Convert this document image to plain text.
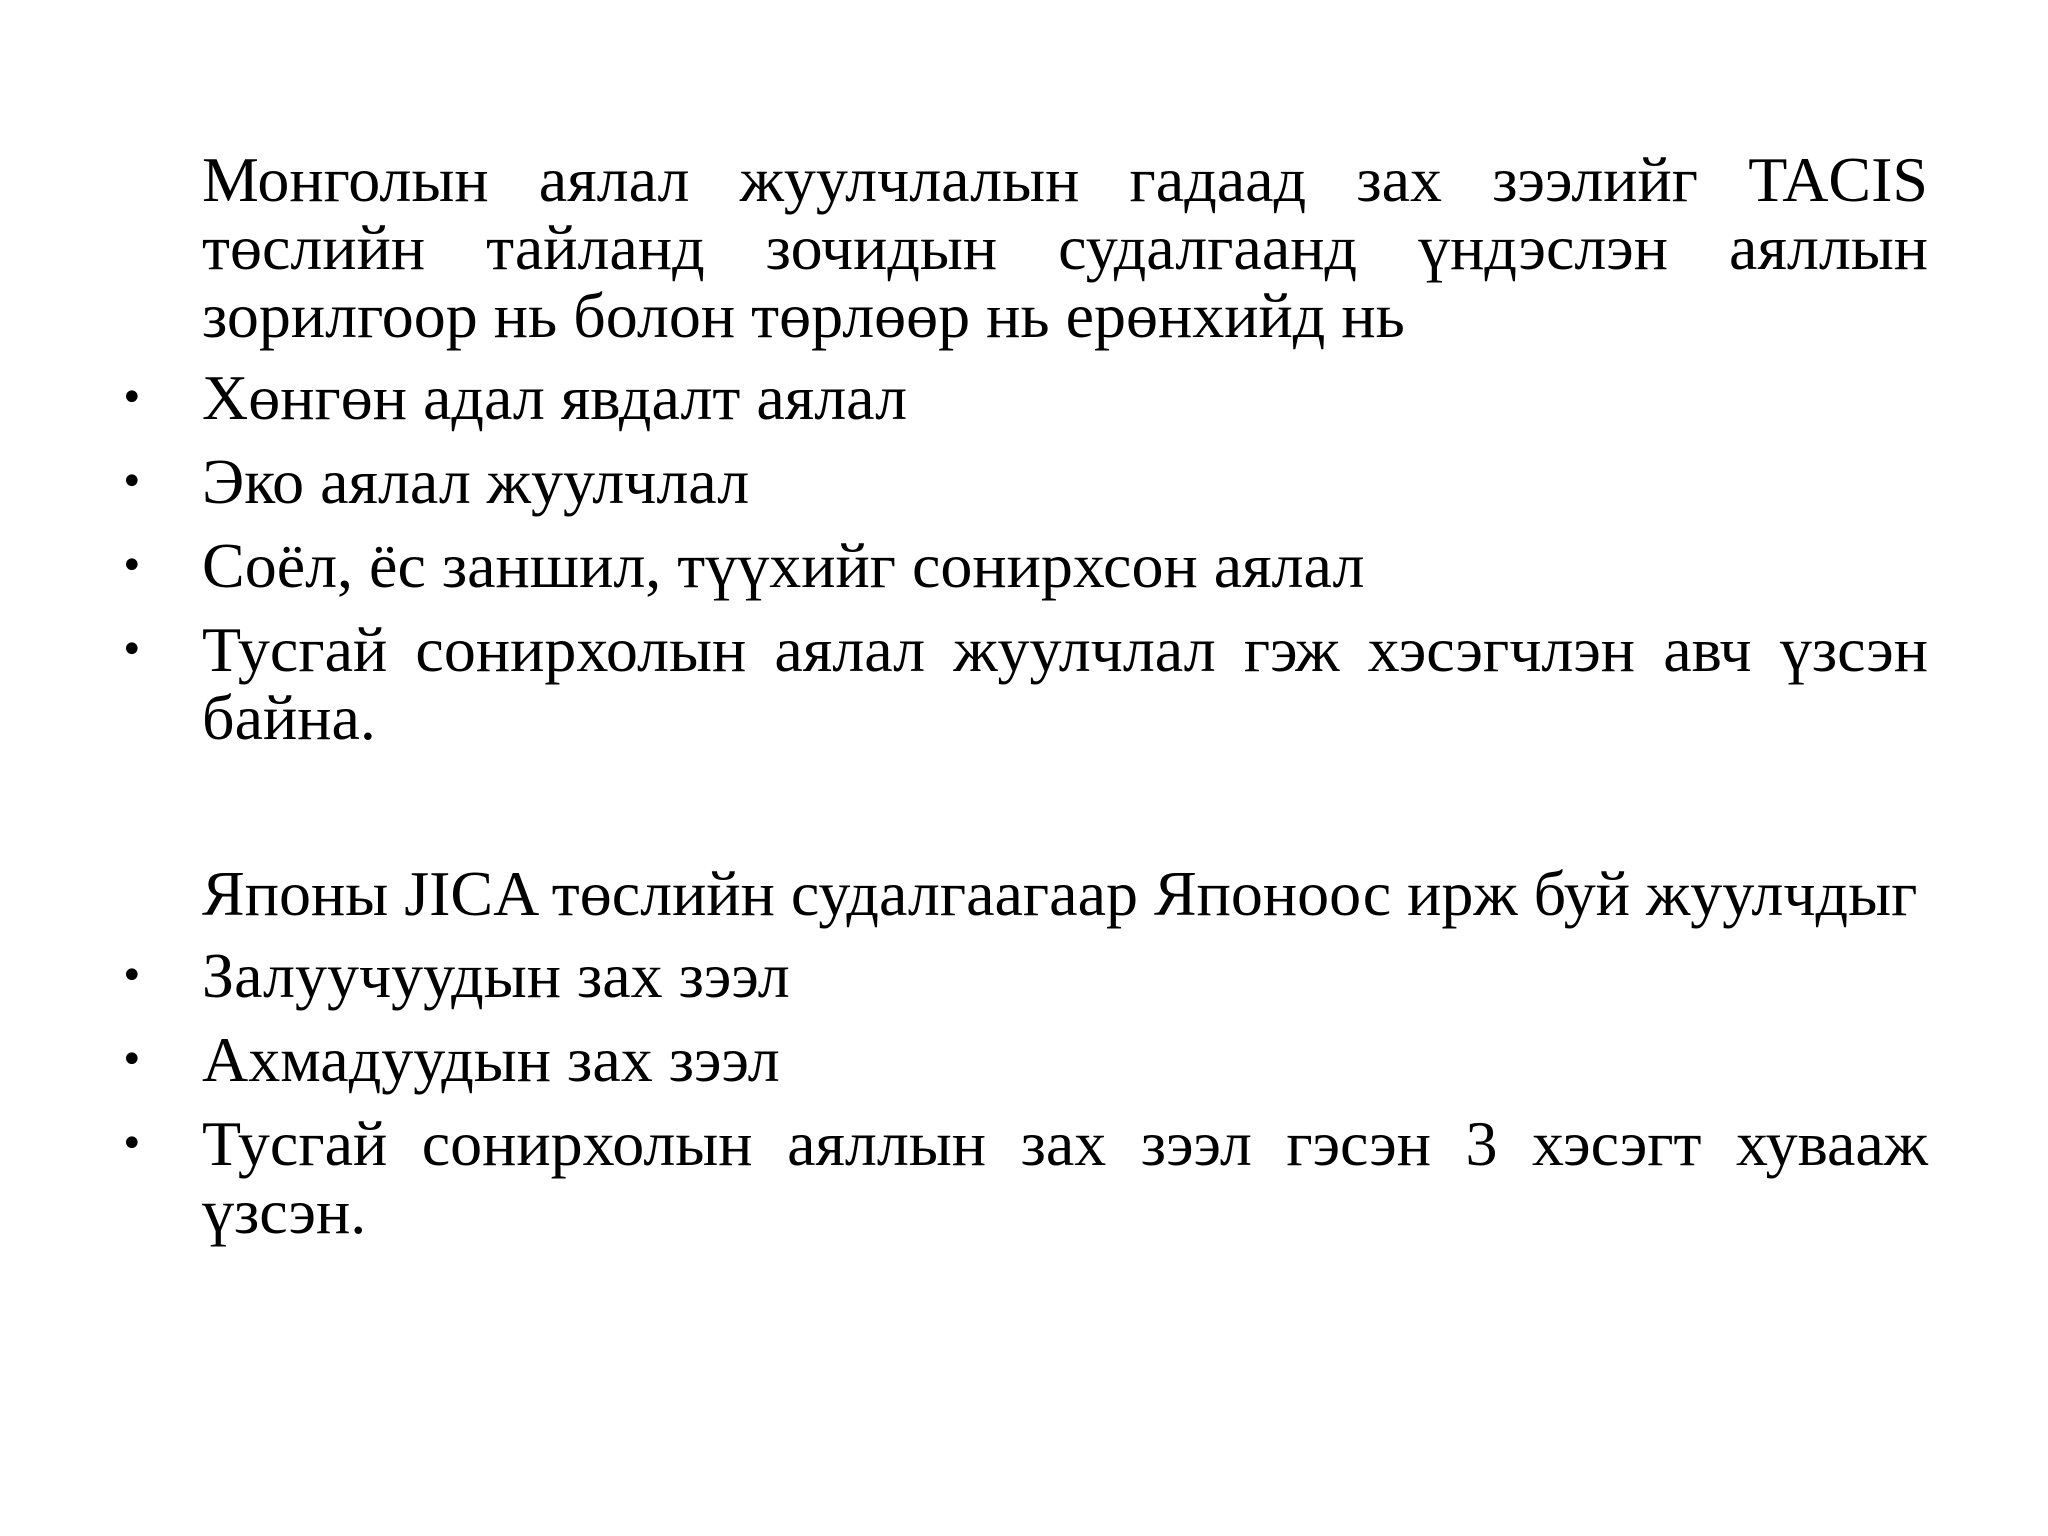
Монголын аялал жуулчлалын гадаад зах зээлийг TACIS төслийн тайланд зочидын судалгаанд үндэслэн аяллын зорилгоор нь болон төрлөөр нь ерөнхийд нь

• Хөнгөн адал явдалт аялал
• Эко аялал жуулчлал
• Соёл, ёс заншил, түүхийг сонирхсон аялал
• Тусгай сонирхолын аялал жуулчлал гэж хэсэгчлэн авч үзсэн байна.

Японы JICA төслийн судалгаагаар Японоос ирж буй жуулчдыг

• Залуучуудын зах зээл
• Ахмадуудын зах зээл
• Тусгай сонирхолын аяллын зах зээл гэсэн 3 хэсэгт хуваaж үзсэн.
